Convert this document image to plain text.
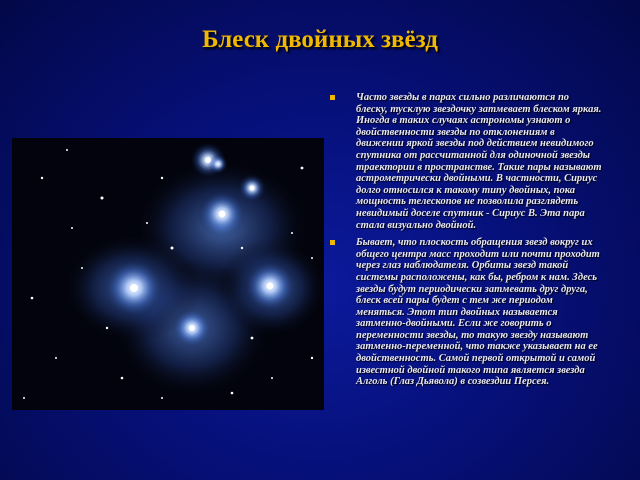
Блеск двойных звёзд
Часто звезды в парах сильно различаются по блеску, тусклую звездочку затмевает блеском яркая. Иногда в таких случаях астрономы узнают о двойственности звезды по отклонениям в движении яркой звезды под действием невидимого спутника от рассчитанной для одиночной звезды траектории в пространстве. Такие пары называют астрометрически двойными. В частности, Сириус долго относился к такому типу двойных, пока мощность телескопов не позволила разглядеть невидимый доселе спутник - Сириус B. Эта пара стала визуально двойной.
Бывает, что плоскость обращения звезд вокруг их общего центра масс проходит или почти проходит через глаз наблюдателя. Орбиты звезд такой системы расположены, как бы, ребром к нам. Здесь звезды будут периодически затмевать друг друга, блеск всей пары будет с тем же периодом меняться. Этот тип двойных называется затменно-двойными. Если же говорить о переменности звезды, то такую звезду называют затменно-переменной, что также указывает на ее двойственность. Самой первой открытой и самой известной двойной такого типа является звезда Алголь (Глаз Дьявола) в созвездии Персея.
